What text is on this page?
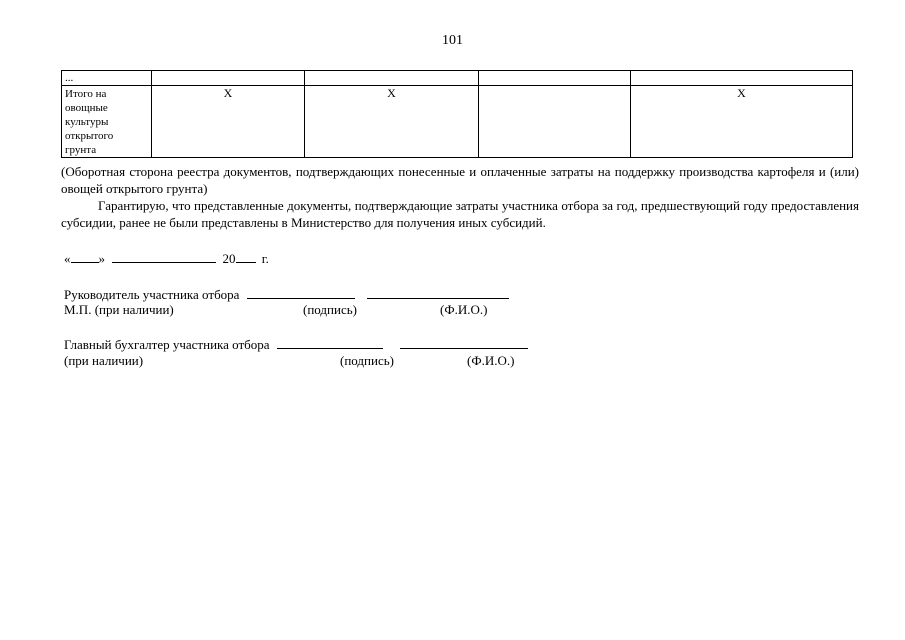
101
...				

Итого на
овощные
культуры
открытого
грунта	X	X		X
(Оборотная сторона реестра документов, подтверждающих понесенные и оплаченные затраты на поддержку производства картофеля и (или) овощей открытого грунта)
Гарантирую, что представленные документы, подтверждающие затраты участника отбора за год, предшествующий году предоставления субсидии, ранее не были представлены в Министерство для получения иных субсидий.
« »	20 г.
Руководитель участника отбора
М.П. (при наличии)	(подпись)	(Ф.И.О.)
Главный бухгалтер участника отбора
(при наличии)	(подпись)	(Ф.И.О.)
